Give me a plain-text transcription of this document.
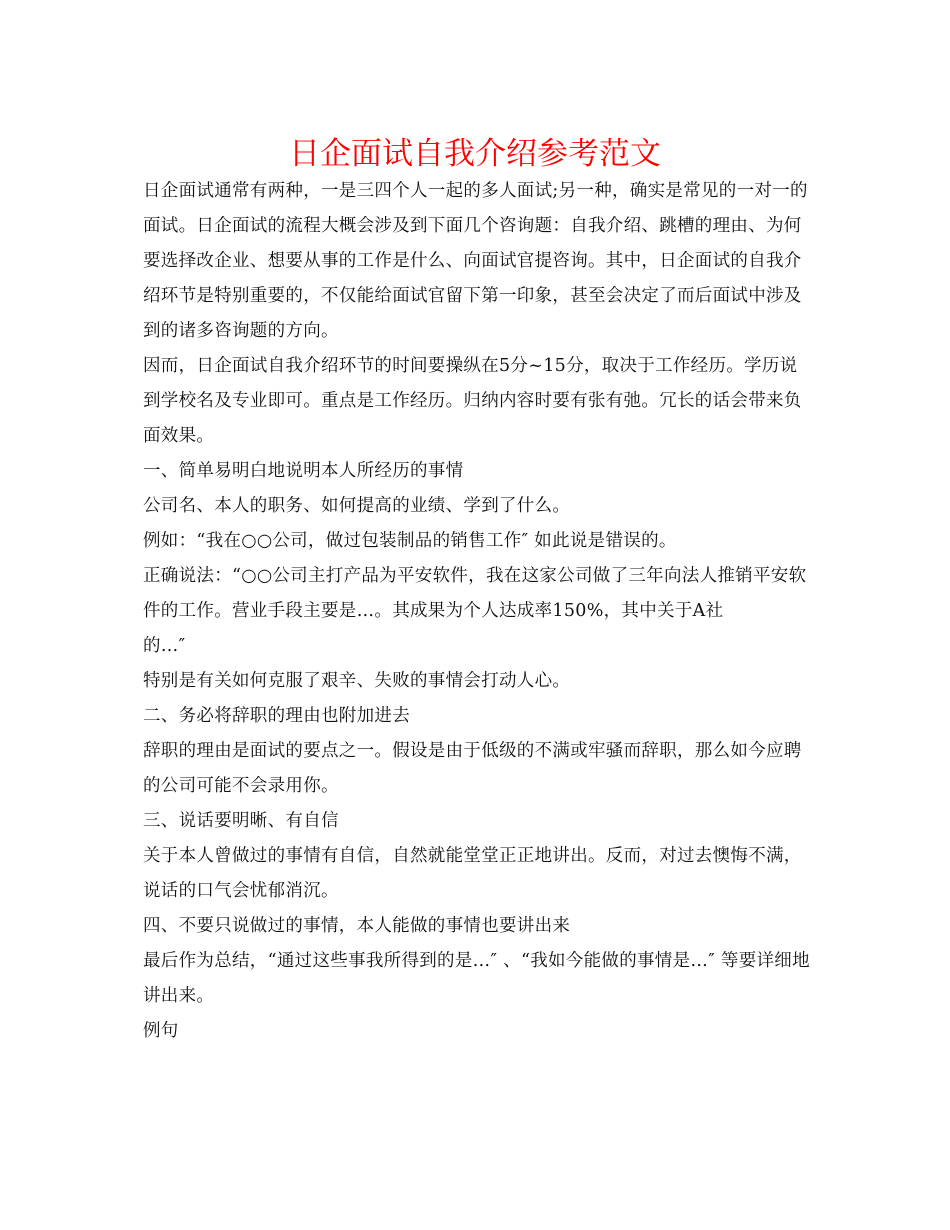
日企面试自我介绍参考范文

日企面试通常有两种，一是三四个人一起的多人面试;另一种，确实是常见的一对一的面试。日企面试的流程大概会涉及到下面几个咨询题：自我介绍、跳槽的理由、为何要选择改企业、想要从事的工作是什么、向面试官提咨询。其中，日企面试的自我介绍环节是特别重要的，不仅能给面试官留下第一印象，甚至会决定了而后面试中涉及到的诸多咨询题的方向。

因而，日企面试自我介绍环节的时间要操纵在5分~15分，取决于工作经历。学历说到学校名及专业即可。重点是工作经历。归纳内容时要有张有弛。冗长的话会带来负面效果。

一、简单易明白地说明本人所经历的事情

公司名、本人的职务、如何提高的业绩、学到了什么。

例如：“我在○○公司，做过包装制品的销售工作″ 如此说是错误的。

正确说法：“○○公司主打产品为平安软件，我在这家公司做了三年向法人推销平安软件的工作。营业手段主要是…。其成果为个人达成率150%，其中关于A社

的…″

特别是有关如何克服了艰辛、失败的事情会打动人心。

二、务必将辞职的理由也附加进去

辞职的理由是面试的要点之一。假设是由于低级的不满或牢骚而辞职，那么如今应聘的公司可能不会录用你。

三、说话要明晰、有自信

关于本人曾做过的事情有自信，自然就能堂堂正正地讲出。反而，对过去懊悔不满，说话的口气会忧郁消沉。

四、不要只说做过的事情，本人能做的事情也要讲出来

最后作为总结，“通过这些事我所得到的是…″ 、“我如今能做的事情是…″ 等要详细地讲出来。

例句
